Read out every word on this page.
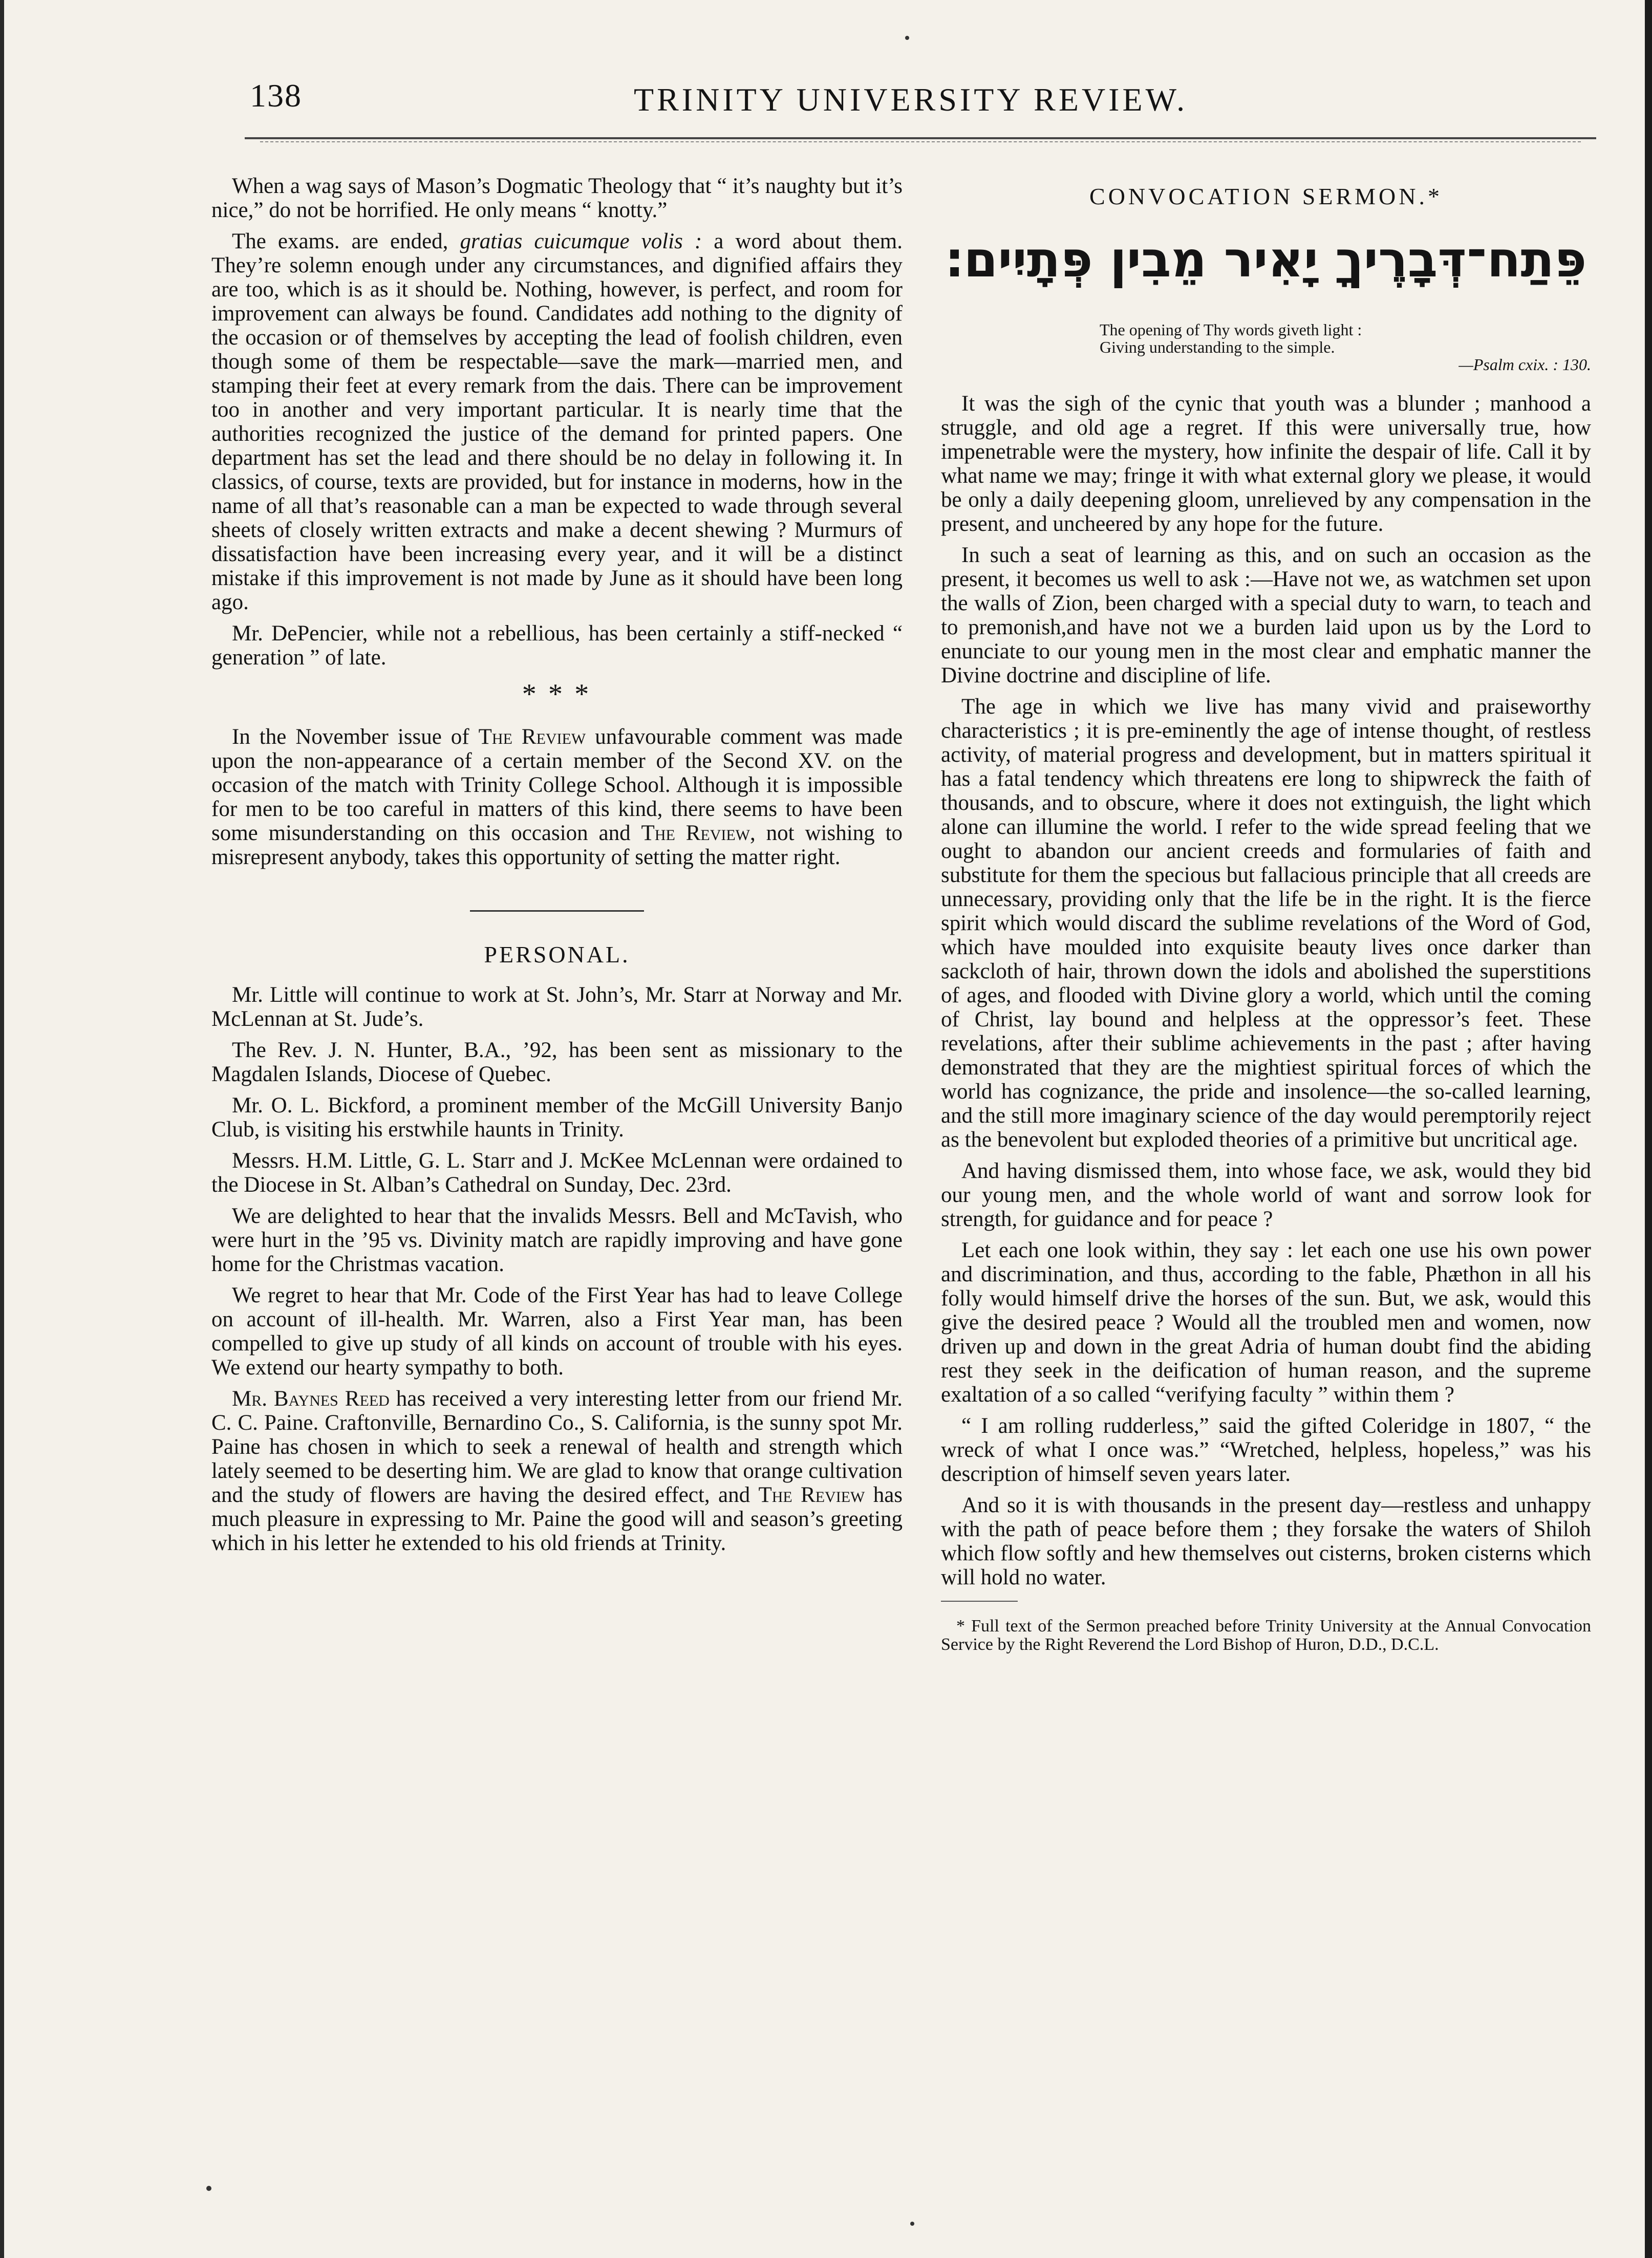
138	TRINITY UNIVERSITY REVIEW.

When a wag says of Mason’s Dogmatic Theology that “ it’s naughty but it’s nice,” do not be horrified. He only means “ knotty.”

The exams. are ended, gratias cuicumque volis : a word about them. They’re solemn enough under any circumstances, and dignified affairs they are too, which is as it should be. Nothing, however, is perfect, and room for improvement can always be found. Candidates add nothing to the dignity of the occasion or of themselves by accepting the lead of foolish children, even though some of them be respectable—save the mark—married men, and stamping their feet at every remark from the dais. There can be improvement too in another and very important particular. It is nearly time that the authorities recognized the justice of the demand for printed papers. One department has set the lead and there should be no delay in following it. In classics, of course, texts are provided, but for instance in moderns, how in the name of all that’s reasonable can a man be expected to wade through several sheets of closely written extracts and make a decent shewing ? Murmurs of dissatisfaction have been increasing every year, and it will be a distinct mistake if this improvement is not made by June as it should have been long ago.

Mr. DePencier, while not a rebellious, has been certainly a stiff-necked “ generation ” of late.

* * *

In the November issue of The Review unfavourable comment was made upon the non-appearance of a certain member of the Second XV. on the occasion of the match with Trinity College School. Although it is impossible for men to be too careful in matters of this kind, there seems to have been some misunderstanding on this occasion and The Review, not wishing to misrepresent anybody, takes this opportunity of setting the matter right.

PERSONAL.

Mr. Little will continue to work at St. John’s, Mr. Starr at Norway and Mr. McLennan at St. Jude’s.

The Rev. J. N. Hunter, B.A., ’92, has been sent as missionary to the Magdalen Islands, Diocese of Quebec.

Mr. O. L. Bickford, a prominent member of the McGill University Banjo Club, is visiting his erstwhile haunts in Trinity.

Messrs. H.M. Little, G. L. Starr and J. McKee McLennan were ordained to the Diocese in St. Alban’s Cathedral on Sunday, Dec. 23rd.

We are delighted to hear that the invalids Messrs. Bell and McTavish, who were hurt in the ’95 vs. Divinity match are rapidly improving and have gone home for the Christmas vacation.

We regret to hear that Mr. Code of the First Year has had to leave College on account of ill-health. Mr. Warren, also a First Year man, has been compelled to give up study of all kinds on account of trouble with his eyes. We extend our hearty sympathy to both.

Mr. Baynes Reed has received a very interesting letter from our friend Mr. C. C. Paine. Craftonville, Bernardino Co., S. California, is the sunny spot Mr. Paine has chosen in which to seek a renewal of health and strength which lately seemed to be deserting him. We are glad to know that orange cultivation and the study of flowers are having the desired effect, and The Review has much pleasure in expressing to Mr. Paine the good will and season’s greeting which in his letter he extended to his old friends at Trinity.

CONVOCATION SERMON.*
פֵּתַח־דְּבָרֶיךָ יָאִיר מֵבִין פְּתָיִים׃
The opening of Thy words giveth light :
Giving understanding to the simple.
—Psalm cxix. : 130.

It was the sigh of the cynic that youth was a blunder ; manhood a struggle, and old age a regret. If this were universally true, how impenetrable were the mystery, how infinite the despair of life. Call it by what name we may; fringe it with what external glory we please, it would be only a daily deepening gloom, unrelieved by any compensation in the present, and uncheered by any hope for the future.

In such a seat of learning as this, and on such an occasion as the present, it becomes us well to ask :—Have not we, as watchmen set upon the walls of Zion, been charged with a special duty to warn, to teach and to premonish,and have not we a burden laid upon us by the Lord to enunciate to our young men in the most clear and emphatic manner the Divine doctrine and discipline of life.

The age in which we live has many vivid and praiseworthy characteristics ; it is pre-eminently the age of intense thought, of restless activity, of material progress and development, but in matters spiritual it has a fatal tendency which threatens ere long to shipwreck the faith of thousands, and to obscure, where it does not extinguish, the light which alone can illumine the world. I refer to the wide spread feeling that we ought to abandon our ancient creeds and formularies of faith and substitute for them the specious but fallacious principle that all creeds are unnecessary, providing only that the life be in the right. It is the fierce spirit which would discard the sublime revelations of the Word of God, which have moulded into exquisite beauty lives once darker than sackcloth of hair, thrown down the idols and abolished the superstitions of ages, and flooded with Divine glory a world, which until the coming of Christ, lay bound and helpless at the oppressor’s feet. These revelations, after their sublime achievements in the past ; after having demonstrated that they are the mightiest spiritual forces of which the world has cognizance, the pride and insolence—the so-called learning, and the still more imaginary science of the day would peremptorily reject as the benevolent but exploded theories of a primitive but uncritical age.

And having dismissed them, into whose face, we ask, would they bid our young men, and the whole world of want and sorrow look for strength, for guidance and for peace ?

Let each one look within, they say : let each one use his own power and discrimination, and thus, according to the fable, Phæthon in all his folly would himself drive the horses of the sun. But, we ask, would this give the desired peace ? Would all the troubled men and women, now driven up and down in the great Adria of human doubt find the abiding rest they seek in the deification of human reason, and the supreme exaltation of a so called “verifying faculty ” within them ?

“ I am rolling rudderless,” said the gifted Coleridge in 1807, “ the wreck of what I once was.” “Wretched, helpless, hopeless,” was his description of himself seven years later.

And so it is with thousands in the present day—restless and unhappy with the path of peace before them ; they forsake the waters of Shiloh which flow softly and hew themselves out cisterns, broken cisterns which will hold no water.

* Full text of the Sermon preached before Trinity University at the Annual Convocation Service by the Right Reverend the Lord Bishop of Huron, D.D., D.C.L.
